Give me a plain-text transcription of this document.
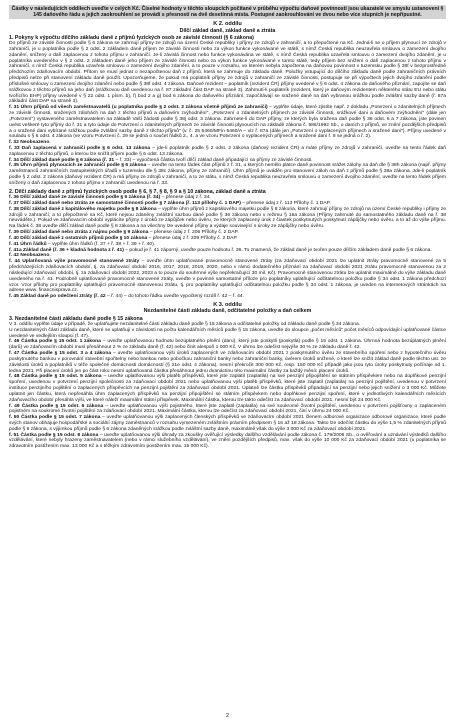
Částky v následujících oddílech uveďte v celých Kč. Číselné hodnoty v těchto sloupcích počítané v průběhu výpočtu daňové povinnosti jsou ukazatelé ve smyslu ustanovení § 145 daňového řádu a jejich zaokrouhlení se provádí s přesností na dvě desetinná místa. Postupné zaokrouhlování ve dvou nebo více stupních je nepřípustné.
K 2. oddílu
Dílčí základ daně, základ daně a ztráta
1. Pokyny k výpočtu dílčího základu daně z příjmů fyzických osob ze závislé činnosti (§ 6 zákona)

Do příjmů ze závislé činnosti podle § 6 zákona se zahrnují příjmy ze zdrojů na území České republiky i příjmy ze zdrojů v zahraničí, a to přepočtené na Kč. Jedná-li se o příjem plynoucí ze zdrojů v zahraničí, je u poplatníka podle § 2 odst. 2 základem daně příjem ze závislé činnosti nebo za výkon funkce vykonávané ve státě, s nímž Česká republika neuzavřela smlouvu o zamezení dvojího zdanění, snížený o daň zaplacenou z tohoto příjmu v zahraničí. Je-li závislá činnost nebo funkce vykonávána ve státě, s nímž Česká republika uzavřela smlouvu o zamezení dvojího zdanění, je u poplatníka uvedeného v § 2 odst. 2 základem daně jeho příjem ze závislé činnosti nebo za výkon funkce vykonávané v tomto státě, tedy příjem bez snížení o daň zaplacenou z tohoto příjmu v zahraničí, s nímž Česká republika uzavřela smlouvu o zamezení dvojího zdanění, a to pouze v rozsahu, ve kterém nebyla započtena na daňovou povinnost v tuzemsku podle § 38f v bezprostředně předchozím zdaňovacím období. Přitom se musí jednat o nezapočtenou daň z příjmů, která se zahrnuje do základu daně. Položky vstupující do dílčího základu daně podle zahraničních právních předpisů nelze při stanovení základu daně použít. Upozorňujeme, že pokud má poplatník příjmy ze zdrojů v zahraničí ze závislé činnosti, postupuje se při výpočtech jejich dvojího zdanění podle příslušné smlouvy o zamezení dvojího zdanění nebo podle § 38f odst. 4 zákona. Daňové rezident – poplatník (rezident ČR) příjmy uvedené v § 6 odst. 4 zákona do daňového přiznání, zapojíte se daň srážkovou z těchto příjmů na jeho daň (srážkovou daň uvedenou na ř. 87 základní část DAP na straně 3). Zahrnutí-li poplatník (rezident, který je daňovým rezidentem některého státu EU nebo státu tvořícího EHP) příjmy uvedené v § 22 odst. 1 písm. b), f) bod 2 a g) bod 6 zákona do daňového přiznání, započítávají se sražené daně na daň vybranou srážkou podle zvláštní sazby daně (ř. 87a základní část DAP na straně 3).

f. 31 Úhrn příjmů od všech zaměstnavatelů (u poplatníka podle § 2 odst. 2 zákona včetně příjmů ze zahraničí) – vyplňte údaje, které zjistíte např. z dokladu „Potvrzení o zdanitelných příjmech ze závislé činnosti, sražených zálohách na daň z těchto příjmů a daňovém zvýhodnění", „Potvrzení o zdanitelných příjmech ze závislé činnosti, srážkové dani a daňovém zvýhodnění" (dále jen „Potvrzení") vystaveného zaměstnavatelem na základě Vaší žádosti podle § 38j odst. 3 zákona. Zahrnete-li do DAP příjmy, ze kterých byla sražena daň podle § 36 odst. 6 a 7 zákona, jste povinen uvést veškeré tyto příjmy do ř. 31 a tyto údaje do Potvrzení o zdanitelných příjmech ze závislé činnosti plynoucích na základě zákona č. 586/1992 Sb., o daních z příjmů, ve znění pozdějších předpisů a o sražené dani vybírané srážkou podle zvláštní sazby daně z těchto příjmů" (v. č. 25 5460/MFin 5460/A – viz ř. 87a (dále jen „Potvrzení o vyplacených příjmech a sražené dani"). Příjmy uvedené v souladu s § 6 odst. 4 zákona (ve vzoru Potvrzení č. 29 se jedná o součet řádků 2., 4. a ve vzoru Potvrzení o vyplacených příjmech a sražené dani ř. 8 se jedná o ř. 2).

f. 32 Neobsazeno.

f. 33 Daň zaplacená v zahraničí podle § 6 odst. 13 zákona – jde-li poplatník podle § 2 odst. 2 zákona (daňový rezident ČR) a máte příjmy ze zdrojů v zahraničí, uveďte na tento řádek daň zaplacenou z těchto příjmů, o kterou lze snížit příjem podle § 6 odst. 13 zákona.

f. 34 Dílčí základ daně podle § 6 zákona (ř. 31 – ř. 33) – vypočtená částka tvoří dílčí základ daně připadající na příjmy ze závislé činnosti.

f. 35 Úhrn příjmů plynoucích ze zahraničí podle § 6 zákona – uveďte na tento řádek část příjmů z ř. 31, u kterých nemělo platce daně povinnost srážet zálohy na daň dle § 38h zákona (např. příjmy zaměstnanců zahraničních zastupitelských úřadů v tuzemsku dle § 38c zákona, příjmy ze zahraničí). Úhrn příjmů je uváděn pro stanovení záloh na daň z příjmů podle § 38a zákona. Jde-li poplatník podle § 2 odst. 2 zákona (daňový rezident ČR) a má příjmy ze zdrojů v zahraničí, a to ze státu, s nímž Česká republika neuzavřela smlouvu o zamezení dvojího zdanění, uveďte na tento řádek příjem snížený o daň zaplacenou z tohoto příjmu v zahraničí uvedenou na ř. 33.

2. Dílčí základy daně z příjmů fyzických osob podle § 6, § 7, § 8, § 9 a § 10 zákona, základ daně a ztráta

f. 36 Dílčí základ daně ze závislé činnosti podle § 6 zákona (ř. 34) – přenese údaj z ř. 34.

f. 37 Dílčí základ daně nebo ztráta ze samostatné činnosti podle § 7 zákona (ř. 113 přílohy č. 1 DAP) – přenese údaj z ř. 113 Přílohy č. 1 DAP.

f. 38 Dílčí základ daně z kapitálového majetku podle § 8 zákona – vyplňte úhrn příjmů z kapitálového majetku podle § 8 zákona, které zahrnují příjmy ze zdrojů na území České republiky i příjmy ze zdrojů v zahraničí, a to přepočtené na Kč, které nejsou zdaněny zvláštní sazbou daně podle § 36 zákona nebo v režimu § 16a zákona (Příjmy zahrnuté do samostatného základu daně na ř. 38 neuváděte.). Pokud ve zdaňovacím období vyplácíte příjmy z úroků ze zápůjček nebo úvěru, ze kterých zaplacený úrok z čiastek poskytnutých poskytnutí zápůjčky nebo úvěru, a to až do výše příjmu. Na řádek č. 38 uveďte dílčí základ daně podle § 8 zákona a na všechny lze uvedené příjmy a výdaje související s úroky ze zápůjčky nebo úvěru.

f. 39 Dílčí základ daně nebo ztráta z nájmu podle § 9 zákona – přenese údaj z ř. 206 Přílohy č. 2 DAP.

f. 40 Dílčí základ daně z ostatních příjmů podle § 10 zákona – přenese údaj z ř. 209 Přílohy č. 2 DAP.

f. 41 Úhrn řádků – vyplňte úhrn řádků (ř. 37 + ř. 38 + ř. 39 + ř. 40).

f. 41a Základ daně (ř. 36 + kladná hodnota z ř. 41) – pokud je ř. 41 záporný, uveďte pouze hodnotu ř. 36. To znamená, že základ daně je tvořen pouze dílčím základem daně podle § 6 zákona.

f. 42 Neobsazeno.

f. 44 Uplatňovaná výše pravomocně stanovené ztráty – uveďte úhrn uplatňované pravomocně stanovené ztráty (za zdaňovací období 2021 lze uplatnit ztráty pravomocně stanovené za 5 předcházejících zdaňovacích období, tj. za zdaňovací období 2016, 2017, 2018, 2019, 2020, nebo v rámci dodatečného přiznání za zdaňovací období 2021 ztrátu pravomocně stanovenou za 2 následující zdaňovací období, tj. za zdaňovací období 2022, 2023 a to pouze do souhrnné výše nepřekračující 30 mil. Kč). Pravomocně stanovenou ztrátu lze uplatnit maximálně do výše základu daně uvedeného na ř. 41. Podrobně uplatňované pravomocně stanovené ztráty, uveďte v povinné samostatné příloze pro poplatníky uplatňující odčitatelnou položku podle § 34 odst. 1 zákona předchozí vzor. Vzor přílohy pro poplatníky uplatňující pravomocně stanovenou ztrátu, tj. pro poplatníky uplatňující odčitatelnou položku podle § 34 odst. 1 zákona, je uveden na internetových stránkách na adrese www. financnisprava.cz.

f. 45 Základ daně po odečtení ztráty (ř. 42 – ř. 44) – do tohoto řádku uveďte vypočtený rozdíl ř. 42 – ř. 44.

K 3. oddílu
Nezdanitelné části základu daně, odčitatelné položky a daň celkem
3. Nezdanitelné části základu daně podle § 15 zákona

V 3. oddílu vyplňte údaje v případě, že uplatňujete nezdanitelné části základu daně podle § 15 zákona a odčitatelné položky od základu daně podle § 34 zákona.

U nezdanitelných částí základu daně, které se uplatňují v závislosti na počtu kalendářních měsíců podle § 15 zákona, uveďte do sloupce „počet měsíců" počet měsíců odpovídající uplatňované částce uvedené ve vedlejším sloupci (f. 47).

f. 46 Částka podle § 15 odst. 1 zákona – uveďte uplatňovanou hodnotu bezúplatného plnění (daru), který jste poskytli (poskytla) podle § 15 odst. 1 zákona. Úhrnná hodnota bezúplatných plnění (darů) ve zdaňovacím období musí přesáhnout 2 % ze základu daně (ř. 42) nebo činit alespoň 1 000 Kč. V úhrnu lze odečíst nejvýše 30 % ze základu daně ř. 42.

f. 47 Částka podle § 15 odst. 3 a 4 zákona – uveďte uplatňovanou výši úroků zaplacených ve zdaňovacím období 2021 z poskytnutého úvěru ze stavebního spoření nebo z hypotečního úvěru poskytnutého bankou v porovnání stavební spořitelny nebo bankou nebo pobočkou zahraniční banky nebo zahraniční banky, úvěrem úroků snížené, o které lze snížit základ daně podle těchto ust. ze závislosti úroků a poplatníků v téže společné domácnosti domácností (§ 21e odst. 4 zákona), nesmí překročit 300 000 Kč, resp. 150 000 Kč případě jako jsou tyto úroky poskytnuty počínaje od 1. ledna 2021. Při placení úroků jen po část roku nesmí uplatňovaná částka přesáhnout jednu dvanáctinu této maximální částky za každý měsíc placení úroků.

f. 48 Částka podle § 15 odst. 5 zákona – uveďte uplatňovanou výši platěb příspěvků, které jste zaplatil (zaplatila) na své penzijní připojištění se státním příspěvkem nebo na doplňkové penzijní spoření, uvedenou v potvrzení penzijní společnosti za zdaňovací období 2021 nebo uplatňovanou výši platěb příspěvků, které jste zaplatil (zaplatila) na penzijní pojištění, uvedenou v potvrzení instituce penzijního pojištění o zaplacených příspěvcích na penzijní pojištění za zdaňovací období 2021. Úplatně lze částku příspěvků připadající na penzijní nebo jejich snížení o 3 000 Kč. Můžete uplatnit jen částku, která nepřesáhla úhrn zaplacených příspěvků na penzijní připojištění se státním příspěvkem nebo doplňkové penzijní spoření, které v jednotlivých kalendářních měsících zdaňovacího období přesáhla výši, ve které náleží maximální státní příspěvek. Maximální částka, kterou lze takto odečíst za zdaňovací období 2021, nesmí být 24 000 Kč.

f. 49 Částka podle § 15 odst. 6 zákona – uveďte uplatňovanou výši pojistného, které jste zaplatil (zaplatila) na své soukromé životní pojištění, uvedenou v potvrzení pojišťovny o zaplaceném pojistném na soukromé životní pojištění za zdaňovací období 2021. Maximální částka, kterou lze odečíst za zdaňovací období 2021, činí v úhrnu 24 000 Kč.

f. 50 Částka podle § 15 odst. 7 zákona – uveďte uplatňovanou výši zaplacených členských příspěvků ve zdaňovacím období 2021 členem odborové organizace odborové organizace, které podle svých stanov obhajuje hospodářské a sociální zájmy zaměstnanců v rozsahu vymezeném zvláštním právním předpisem § 16 až 18 zákona. Takto lze odečíst částku do výše 1,5 % zdanitelných příjmů podle § 6 zákona, s výjimkou příjmů podle § 6 zákona zdaněných srážkou podle zvláštní sazby daně, maximálně však do výše 3 000 Kč za zdaňovací období 2021.

f. 51 Částka podle § 15 odst. 8 zákona – uveďte uplatňovanou výši úhrady za zkoušky ověřující výsledky dalšího vzdělávání podle zákona č. 179/2006 Sb., o ověřování a uznávání výsledků dalšího vzdělávání, které nebyly hrazeny zaměstnavatelem (nebo v rámci služebního vzdělávání), ve znění pozdějších předpisů, max. však do výše 10 000 Kč za zdaňovací období 2021 (u poplatníka se zdravotním postižením max. 13 000 Kč a s těžkým zdravotním postižením max. 15 000 Kč).

2
